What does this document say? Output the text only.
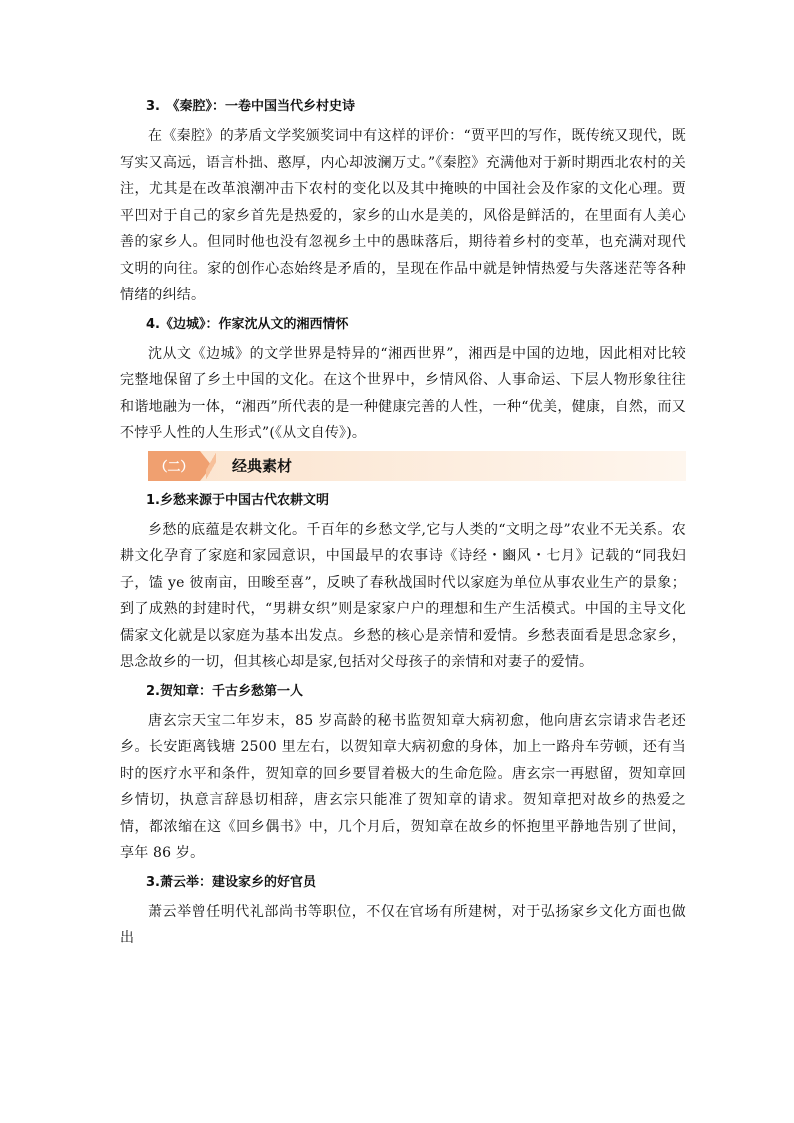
3.　《秦腔》：一卷中国当代乡村史诗
在《秦腔》的茅盾文学奖颁奖词中有这样的评价：“贾平凹的写作，既传统又现代，既写实又高远，语言朴拙、憨厚，内心却波澜万丈。”《秦腔》充满他对于新时期西北农村的关注，尤其是在改革浪潮冲击下农村的变化以及其中掩映的中国社会及作家的文化心理。贾平凹对于自己的家乡首先是热爱的，家乡的山水是美的，风俗是鲜活的，在里面有人美心善的家乡人。但同时他也没有忽视乡土中的愚昧落后，期待着乡村的变革，也充满对现代文明的向往。家的创作心态始终是矛盾的，呈现在作品中就是钟情热爱与失落迷茫等各种情绪的纠结。
4.《边城》：作家沈从文的湘西情怀
沈从文《边城》的文学世界是特异的“湘西世界”，湘西是中国的边地，因此相对比较完整地保留了乡土中国的文化。在这个世界中，乡情风俗、人事命运、下层人物形象往往和谐地融为一体，“湘西”所代表的是一种健康完善的人性，一种“优美，健康，自然，而又不悖乎人性的人生形式”(《从文自传》)。
（二）	经典素材
1.乡愁来源于中国古代农耕文明
乡愁的底蕴是农耕文化。千百年的乡愁文学,它与人类的“文明之母”农业不无关系。农耕文化孕育了家庭和家园意识，中国最早的农事诗《诗经・豳风・七月》记载的“同我妇子，馌 ye 彼南亩，田畯至喜”，反映了春秋战国时代以家庭为单位从事农业生产的景象；到了成熟的封建时代，“男耕女织”则是家家户户的理想和生产生活模式。中国的主导文化儒家文化就是以家庭为基本出发点。乡愁的核心是亲情和爱情。乡愁表面看是思念家乡，思念故乡的一切，但其核心却是家,包括对父母孩子的亲情和对妻子的爱情。
2.贺知章：千古乡愁第一人
唐玄宗天宝二年岁末，85 岁高龄的秘书监贺知章大病初愈，他向唐玄宗请求告老还乡。长安距离钱塘 2500 里左右，以贺知章大病初愈的身体，加上一路舟车劳顿，还有当时的医疗水平和条件，贺知章的回乡要冒着极大的生命危险。唐玄宗一再慰留，贺知章回乡情切，执意言辞恳切相辞，唐玄宗只能准了贺知章的请求。贺知章把对故乡的热爱之情，都浓缩在这《回乡偶书》中，几个月后，贺知章在故乡的怀抱里平静地告别了世间，享年 86 岁。
3.萧云举：建设家乡的好官员
萧云举曾任明代礼部尚书等职位，不仅在官场有所建树，对于弘扬家乡文化方面也做出
